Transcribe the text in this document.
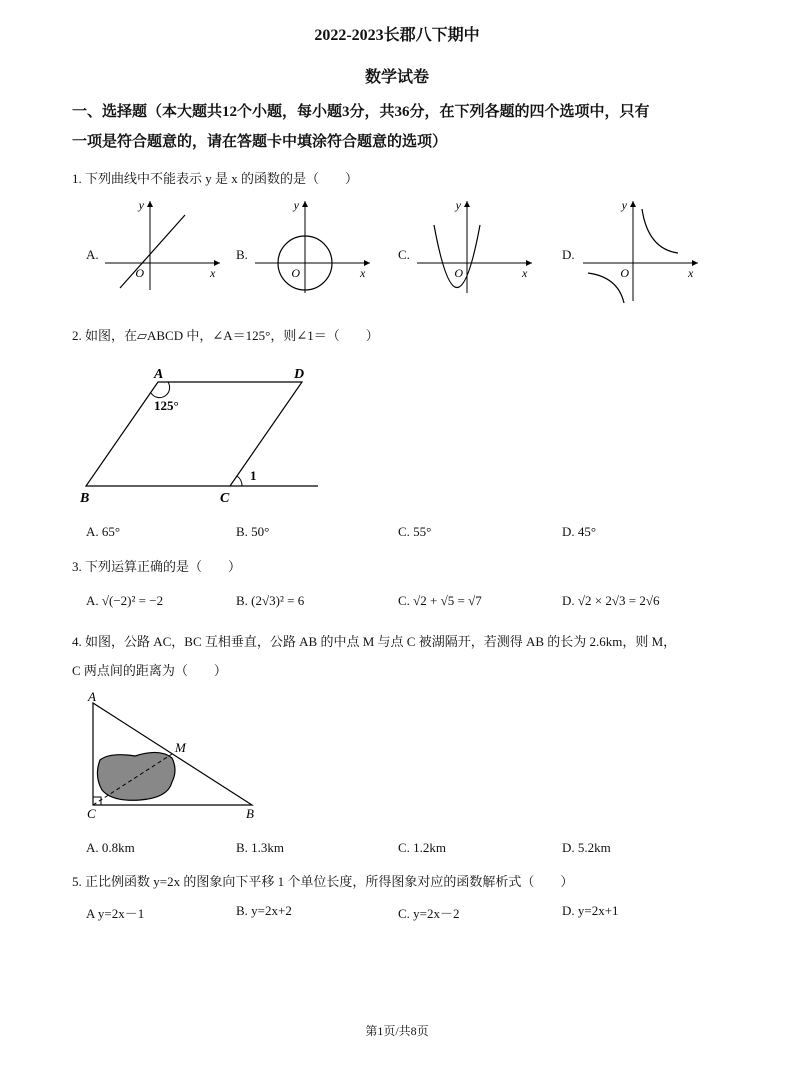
2022-2023长郡八下期中
数学试卷
一、选择题（本大题共12个小题，每小题3分，共36分，在下列各题的四个选项中，只有
一项是符合题意的，请在答题卡中填涂符合题意的选项）
1. 下列曲线中不能表示 y 是 x 的函数的是（　　）
A.	B.	C.	D.
y
x
O
y
x
O
y
x
O
y
x
O
2. 如图，在▱ABCD 中，∠A＝125°，则∠1＝（　　）
A	D
B	C
125°
1
A. 65°	B. 50°	C. 55°	D. 45°
3. 下列运算正确的是（　　）
A. √(−2)² = −2	B. (2√3)² = 6	C. √2 + √5 = √7	D. √2 × 2√3 = 2√6
4. 如图，公路 AC，BC 互相垂直，公路 AB 的中点 M 与点 C 被湖隔开，若测得 AB 的长为 2.6km，则 M，
C 两点间的距离为（　　）
A
M
C	B
A. 0.8km	B. 1.3km	C. 1.2km	D. 5.2km
5. 正比例函数 y=2x 的图象向下平移 1 个单位长度，所得图象对应的函数解析式（　　）
A y=2x－1	B. y=2x+2	C. y=2x－2	D. y=2x+1
第1页/共8页
